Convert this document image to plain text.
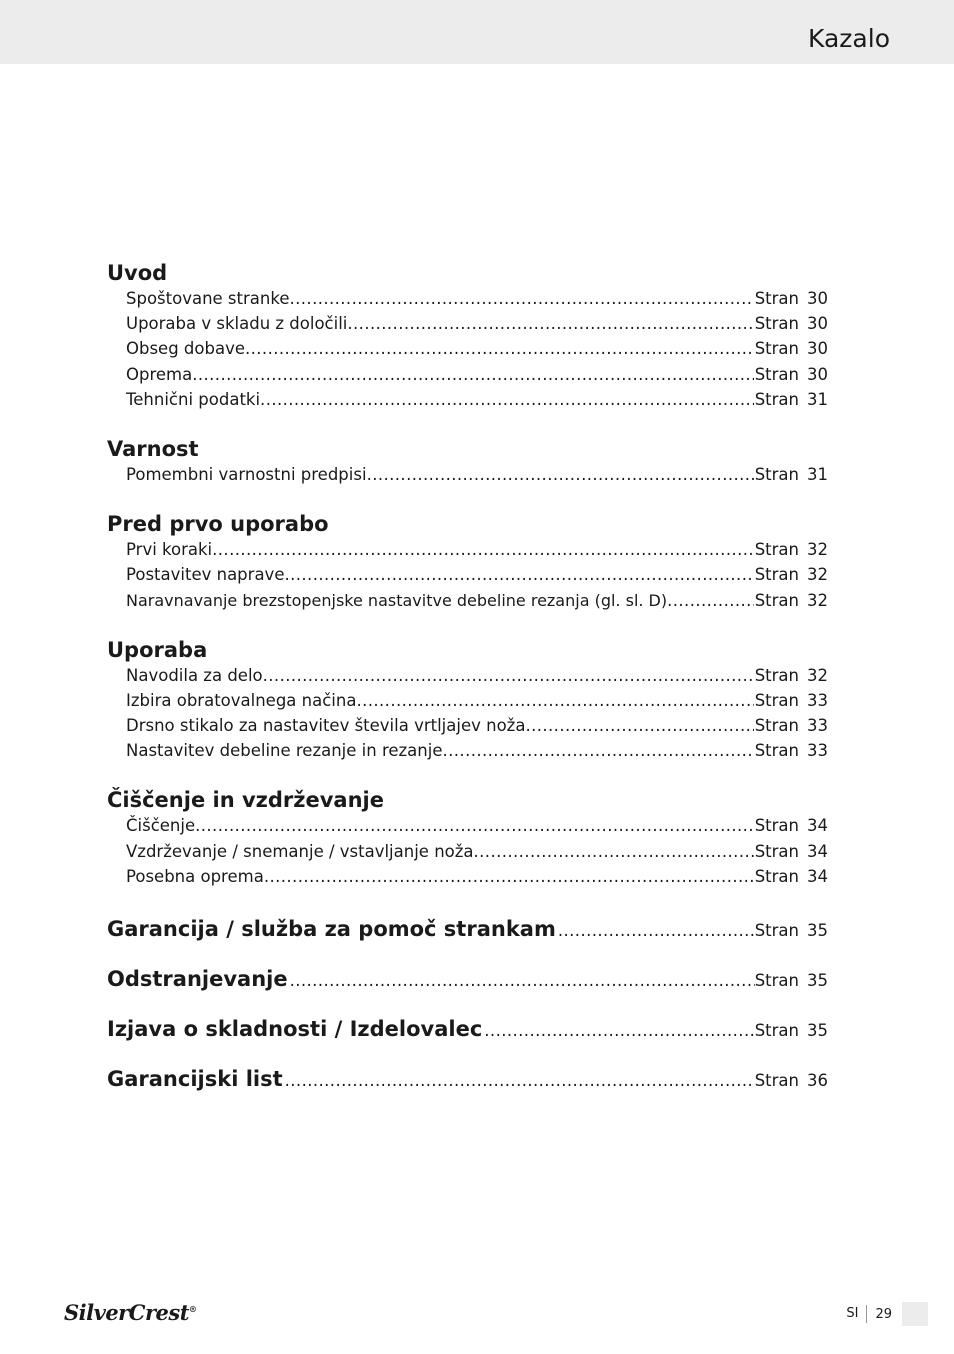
Kazalo
Uvod
Spoštovane stranke .....	Stran 30
Uporaba v skladu z določili .....	Stran 30
Obseg dobave .....	Stran 30
Oprema .....	Stran 30
Tehnični podatki .....	Stran 31
Varnost
Pomembni varnostni predpisi .....	Stran 31
Pred prvo uporabo
Prvi koraki .....	Stran 32
Postavitev naprave .....	Stran 32
Naravnavanje brezstopenjske nastavitve debeline rezanja (gl. sl. D) .....	Stran 32
Uporaba
Navodila za delo .....	Stran 32
Izbira obratovalnega načina .....	Stran 33
Drsno stikalo za nastavitev števila vrtljajev noža .....	Stran 33
Nastavitev debeline rezanje in rezanje .....	Stran 33
Čiščenje in vzdrževanje
Čiščenje .....	Stran 34
Vzdrževanje / snemanje / vstavljanje noža .....	Stran 34
Posebna oprema .....	Stran 34
Garancija / služba za pomoč strankam .....	Stran 35
Odstranjevanje .....	Stran 35
Izjava o skladnosti / Izdelovalec .....	Stran 35
Garancijski list .....	Stran 36
SilverCrest®	SI	29
